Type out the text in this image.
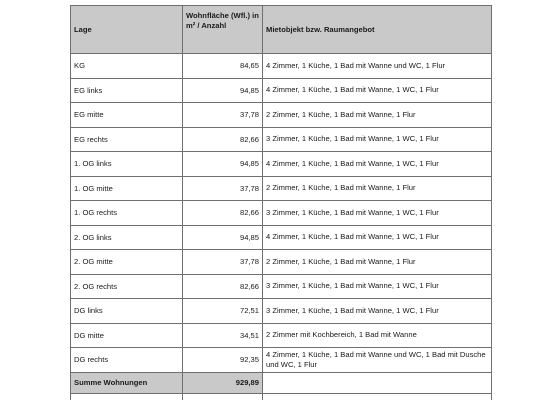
Lage	Wohnfläche (Wfl.) in m² / Anzahl	Mietobjekt bzw. Raumangebot
KG	84,65	4 Zimmer, 1 Küche, 1 Bad mit Wanne und WC, 1 Flur
EG links	94,85	4 Zimmer, 1 Küche, 1 Bad mit Wanne, 1 WC, 1 Flur
EG mitte	37,78	2 Zimmer, 1 Küche, 1 Bad mit Wanne, 1 Flur
EG rechts	82,66	3 Zimmer, 1 Küche, 1 Bad mit Wanne, 1 WC, 1 Flur
1. OG links	94,85	4 Zimmer, 1 Küche, 1 Bad mit Wanne, 1 WC, 1 Flur
1. OG mitte	37,78	2 Zimmer, 1 Küche, 1 Bad mit Wanne, 1 Flur
1. OG rechts	82,66	3 Zimmer, 1 Küche, 1 Bad mit Wanne, 1 WC, 1 Flur
2. OG links	94,85	4 Zimmer, 1 Küche, 1 Bad mit Wanne, 1 WC, 1 Flur
2. OG mitte	37,78	2 Zimmer, 1 Küche, 1 Bad mit Wanne, 1 Flur
2. OG rechts	82,66	3 Zimmer, 1 Küche, 1 Bad mit Wanne, 1 WC, 1 Flur
DG links	72,51	3 Zimmer, 1 Küche, 1 Bad mit Wanne, 1 WC, 1 Flur
DG mitte	34,51	2 Zimmer mit Kochbereich, 1 Bad mit Wanne
DG rechts	92,35	4 Zimmer, 1 Küche, 1 Bad mit Wanne und WC, 1 Bad mit Dusche und WC, 1 Flur
Summe Wohnungen	929,89	
